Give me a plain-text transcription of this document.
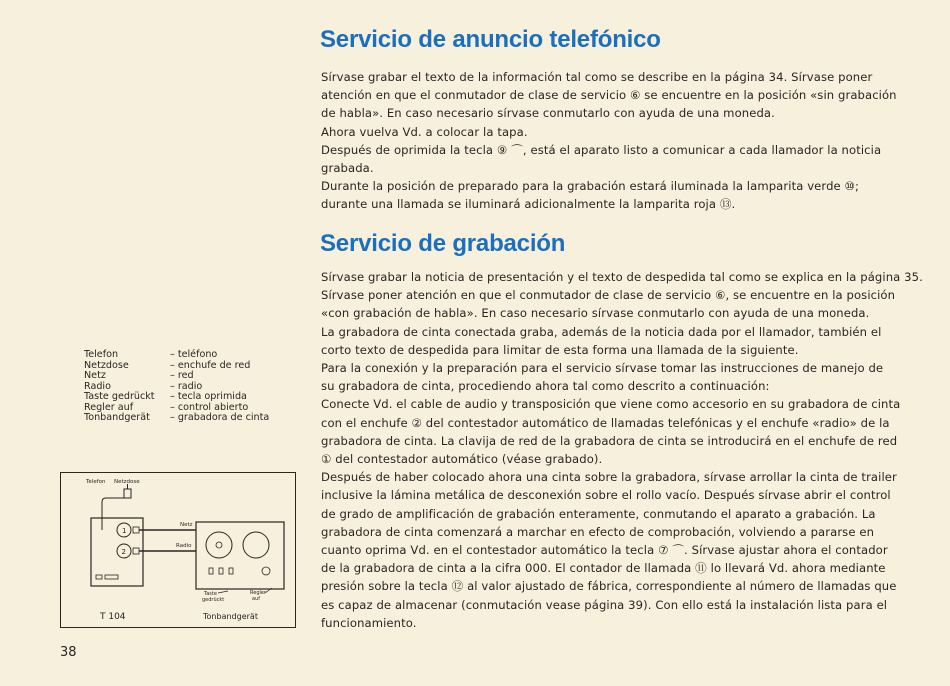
Servicio de anuncio telefónico

Sírvase grabar el texto de la información tal como se describe en la página 34. Sírvase poner

atención en que el conmutador de clase de servicio ⑥ se encuentre en la posición «sin grabación

de habla». En caso necesario sírvase conmutarlo con ayuda de una moneda.

Ahora vuelva Vd. a colocar la tapa.

Después de oprimida la tecla ⑨ ⌒, está el aparato listo a comunicar a cada llamador la noticia

grabada.

Durante la posición de preparado para la grabación estará iluminada la lamparita verde ⑩;

durante una llamada se iluminará adicionalmente la lamparita roja ⑬.

Servicio de grabación

Sírvase grabar la noticia de presentación y el texto de despedida tal como se explica en la página 35.

Sírvase poner atención en que el conmutador de clase de servicio ⑥, se encuentre en la posición

«con grabación de habla». En caso necesario sírvase conmutarlo con ayuda de una moneda.

La grabadora de cinta conectada graba, además de la noticia dada por el llamador, también el

corto texto de despedida para limitar de esta forma una llamada de la siguiente.

Para la conexión y la preparación para el servicio sírvase tomar las instrucciones de manejo de

su grabadora de cinta, procediendo ahora tal como descrito a continuación:

Conecte Vd. el cable de audio y transposición que viene como accesorio en su grabadora de cinta

con el enchufe ② del contestador automático de llamadas telefónicas y el enchufe «radio» de la

grabadora de cinta. La clavija de red de la grabadora de cinta se introducirá en el enchufe de red

① del contestador automático (véase grabado).

Después de haber colocado ahora una cinta sobre la grabadora, sírvase arrollar la cinta de trailer

inclusive la lámina metálica de desconexión sobre el rollo vacío. Después sírvase abrir el control

de grado de amplificación de grabación enteramente, conmutando el aparato a grabación. La

grabadora de cinta comenzará a marchar en efecto de comprobación, volviendo a pararse en

cuanto oprima Vd. en el contestador automático la tecla ⑦ ⌒. Sírvase ajustar ahora el contador

de la grabadora de cinta a la cifra 000. El contador de llamada ⑪ lo llevará Vd. ahora mediante

presión sobre la tecla ⑫ al valor ajustado de fábrica, correspondiente al número de llamadas que

es capaz de almacenar (conmutación vease página 39). Con ello está la instalación lista para el

funcionamiento.

Telefon	– teléfono
Netzdose	– enchufe de red
Netz	– red
Radio	– radio
Taste gedrückt	– tecla oprimida
Regler auf	– control abierto
Tonbandgerät	– grabadora de cinta
Telefon Netzdose
1
2
Netz
Radio
Taste
gedrückt
Regler
auf
T 104	Tonbandgerät
38
